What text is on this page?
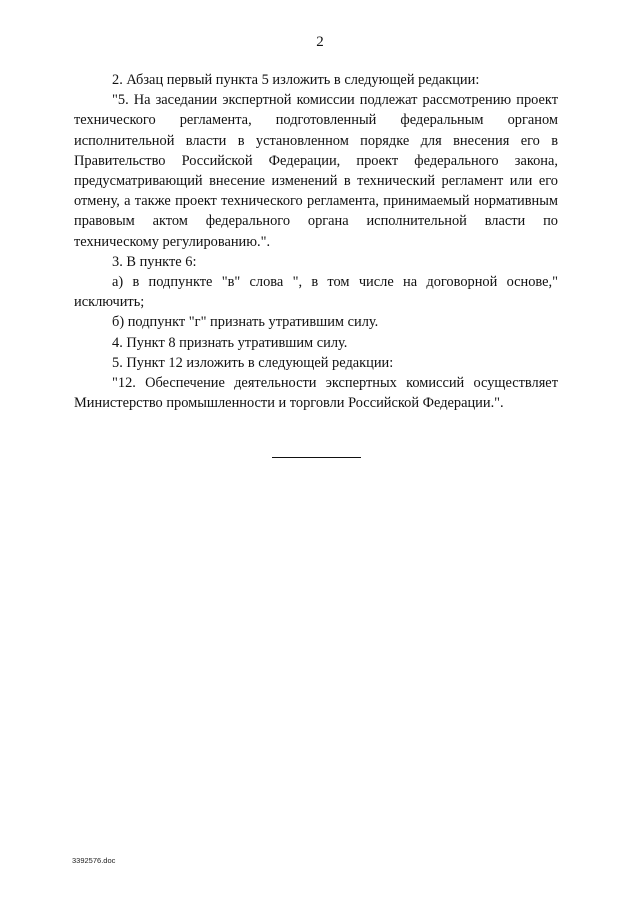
2

2. Абзац первый пункта 5 изложить в следующей редакции:

"5. На заседании экспертной комиссии подлежат рассмотрению проект технического регламента, подготовленный федеральным органом исполнительной власти в установленном порядке для внесения его в Правительство Российской Федерации, проект федерального закона, предусматривающий внесение изменений в технический регламент или его отмену, а также проект технического регламента, принимаемый нормативным правовым актом федерального органа исполнительной власти по техническому регулированию.".

3. В пункте 6:

а) в подпункте "в" слова ", в том числе на договорной основе," исключить;

б) подпункт "г" признать утратившим силу.

4. Пункт 8 признать утратившим силу.

5. Пункт 12 изложить в следующей редакции:

"12. Обеспечение деятельности экспертных комиссий осуществляет Министерство промышленности и торговли Российской Федерации.".

3392576.doc
